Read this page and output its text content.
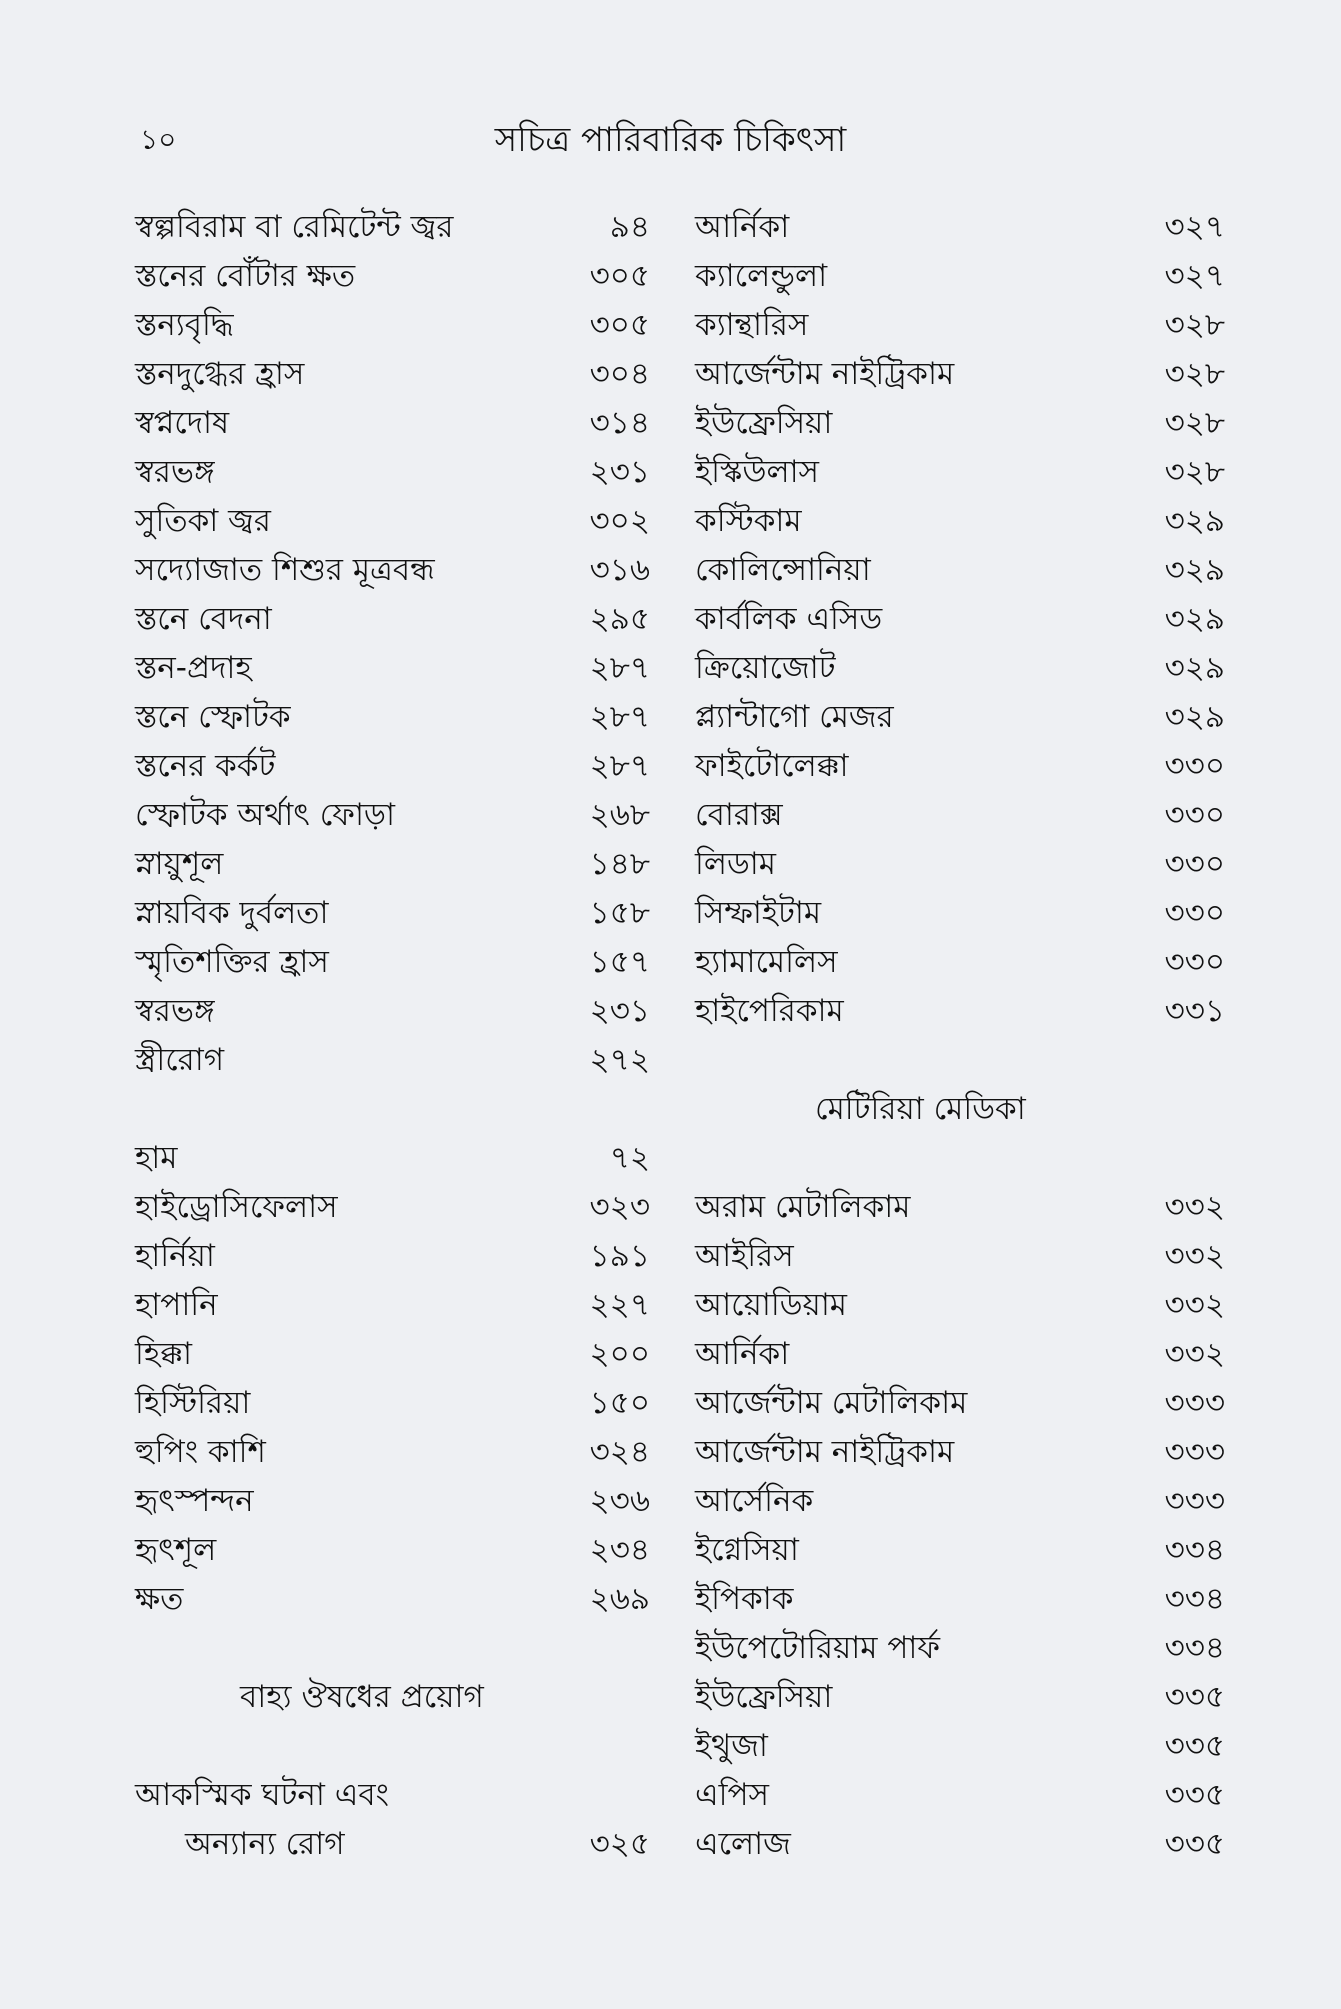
১০	সচিত্র পারিবারিক চিকিৎসা
স্বল্পবিরাম বা রেমিটেন্ট জ্বর	৯৪
স্তনের বোঁটার ক্ষত	৩০৫
স্তন্যবৃদ্ধি	৩০৫
স্তনদুগ্ধের হ্রাস	৩০৪
স্বপ্নদোষ	৩১৪
স্বরভঙ্গ	২৩১
সুতিকা জ্বর	৩০২
সদ্যোজাত শিশুর মূত্রবন্ধ	৩১৬
স্তনে বেদনা	২৯৫
স্তন-প্রদাহ	২৮৭
স্তনে স্ফোটক	২৮৭
স্তনের কর্কট	২৮৭
স্ফোটক অর্থাৎ ফোড়া	২৬৮
স্নায়ুশূল	১৪৮
স্নায়বিক দুর্বলতা	১৫৮
স্মৃতিশক্তির হ্রাস	১৫৭
স্বরভঙ্গ	২৩১
স্ত্রীরোগ	২৭২
হাম	৭২
হাইড্রোসিফেলাস	৩২৩
হার্নিয়া	১৯১
হাপানি	২২৭
হিক্কা	২০০
হিস্টিরিয়া	১৫০
হুপিং কাশি	৩২৪
হৃৎস্পন্দন	২৩৬
হৃৎশূল	২৩৪
ক্ষত	২৬৯
বাহ্য ঔষধের প্রয়োগ
আকস্মিক ঘটনা এবং
অন্যান্য রোগ	৩২৫
আর্নিকা	৩২৭
ক্যালেন্ডুলা	৩২৭
ক্যান্থারিস	৩২৮
আর্জেন্টাম নাইট্রিকাম	৩২৮
ইউফ্রেসিয়া	৩২৮
ইস্কিউলাস	৩২৮
কস্টিকাম	৩২৯
কোলিন্সোনিয়া	৩২৯
কার্বলিক এসিড	৩২৯
ক্রিয়োজোট	৩২৯
প্ল্যান্টাগো মেজর	৩২৯
ফাইটোলেক্কা	৩৩০
বোরাক্স	৩৩০
লিডাম	৩৩০
সিম্ফাইটাম	৩৩০
হ্যামামেলিস	৩৩০
হাইপেরিকাম	৩৩১
মেটিরিয়া মেডিকা
অরাম মেটালিকাম	৩৩২
আইরিস	৩৩২
আয়োডিয়াম	৩৩২
আর্নিকা	৩৩২
আর্জেন্টাম মেটালিকাম	৩৩৩
আর্জেন্টাম নাইট্রিকাম	৩৩৩
আর্সেনিক	৩৩৩
ইগ্নেসিয়া	৩৩৪
ইপিকাক	৩৩৪
ইউপেটোরিয়াম পার্ফ	৩৩৪
ইউফ্রেসিয়া	৩৩৫
ইথুজা	৩৩৫
এপিস	৩৩৫
এলোজ	৩৩৫
